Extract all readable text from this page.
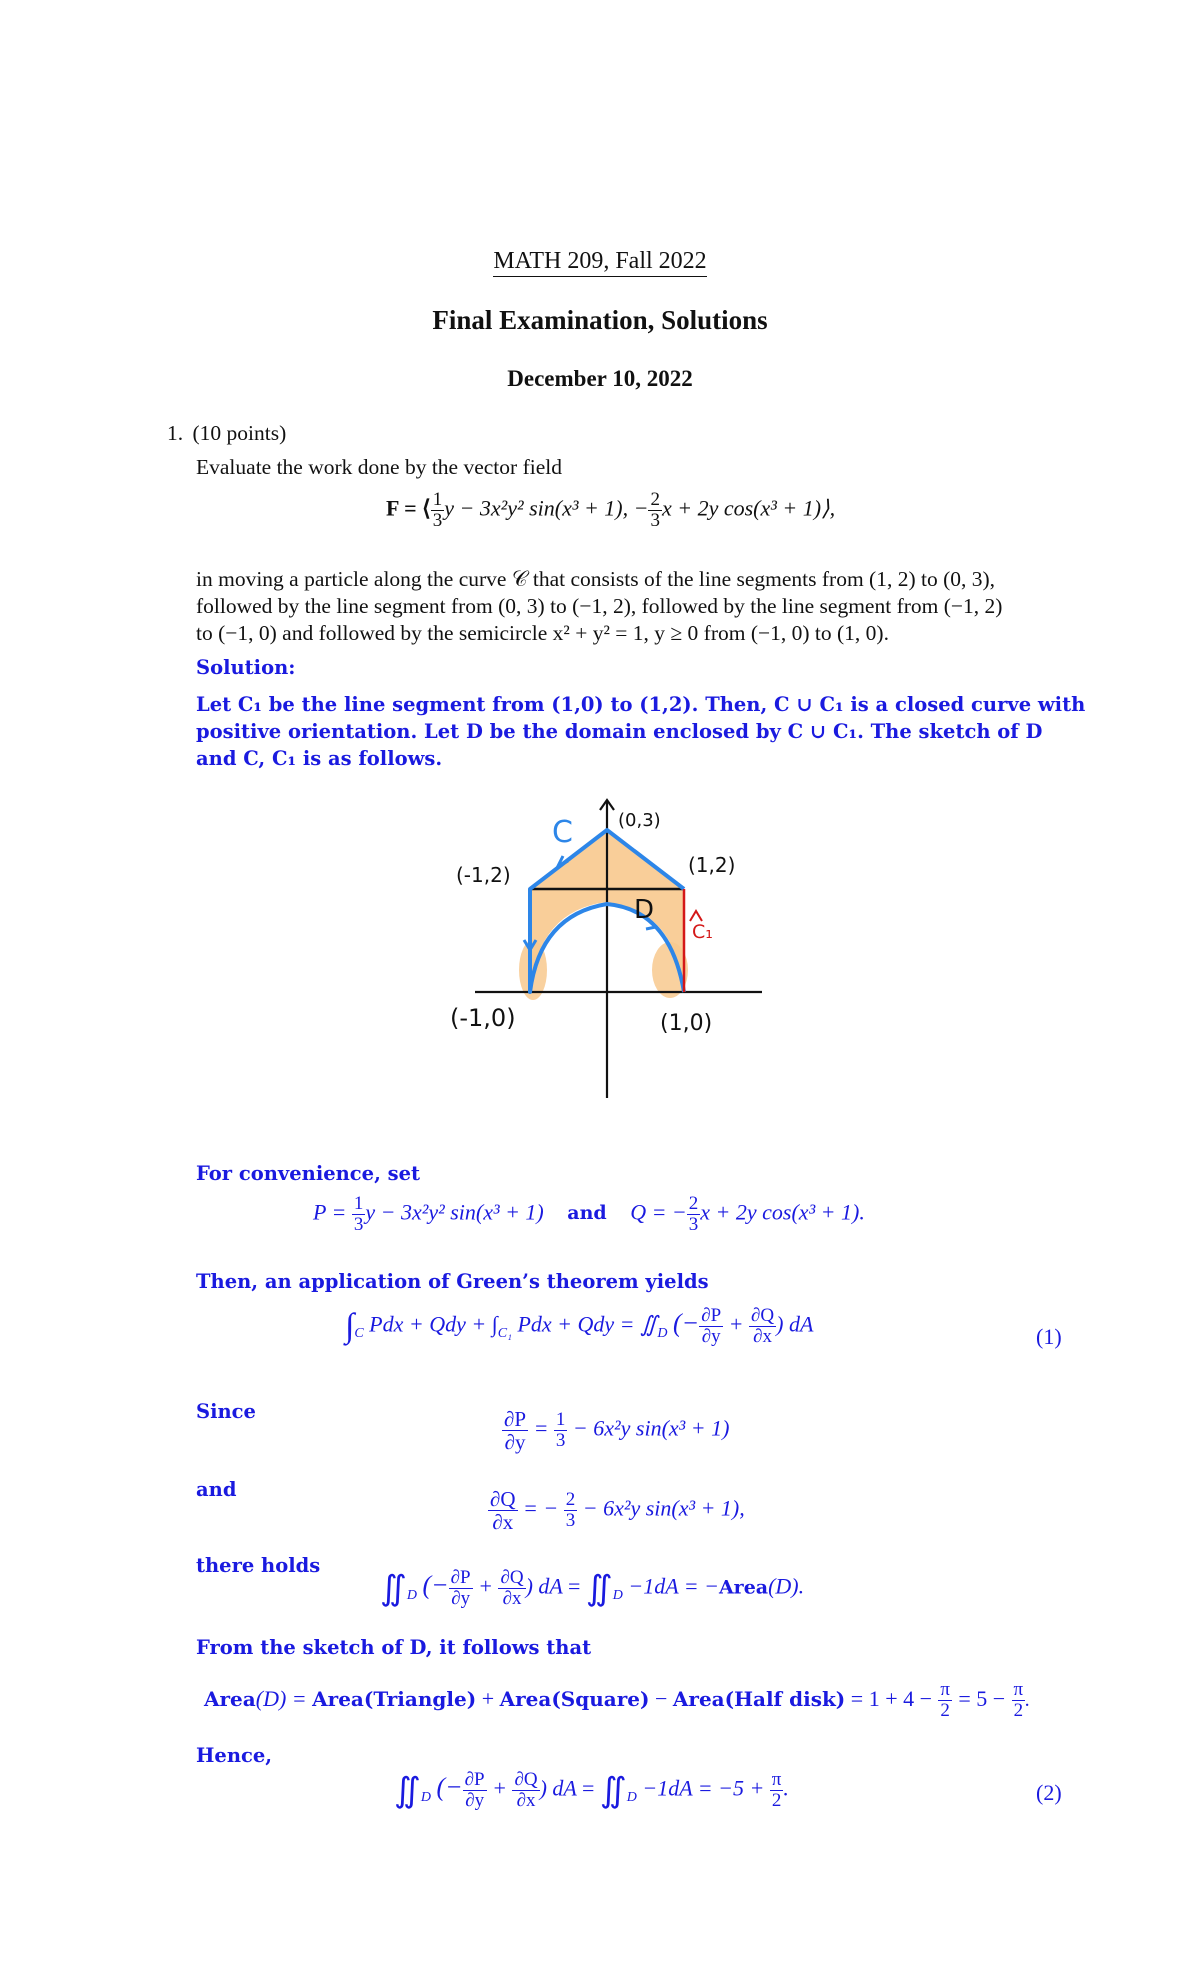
MATH 209, Fall 2022
Final Examination, Solutions
December 10, 2022
1. (10 points)
Evaluate the work done by the vector field
F = ⟨ $\frac{1}{3}$ y − 3x²y² sin(x³ + 1), − $\frac{2}{3}$ x + 2y cos(x³ + 1)⟩,
in moving a particle along the curve 𝒞 that consists of the line segments from (1, 2) to (0, 3),
followed by the line segment from (0, 3) to (−1, 2), followed by the line segment from (−1, 2)
to (−1, 0) and followed by the semicircle x² + y² = 1, y ≥ 0 from (−1, 0) to (1, 0).
Solution:
Let C₁ be the line segment from (1,0) to (1,2). Then, C ∪ C₁ is a closed curve with
positive orientation. Let D be the domain enclosed by C ∪ C₁. The sketch of D
and C, C₁ is as follows.
C	(0,3)
(-1,2)	(1,2)
D
C₁
(-1,0)	(1,0)
For convenience, set
$P = \frac{1}{3}$ y − 3x²y² sin(x³ + 1) and Q = − $\frac{2}{3}$ x + 2y cos(x³ + 1).
Then, an application of Green’s theorem yields
$\int_C$ Pdx + Qdy + $\int_{C_1}$ Pdx + Qdy = $∬_D$ (− $\frac{\partial P}{\partial y} + \frac{\partial Q}{\partial x}$ ) dA
(1)
Since	$\frac{\partial P}{\partial y} = \frac{1}{3} - 6x^2y$ sin(x³ + 1)
and	$\frac{\partial Q}{\partial x}$ = − $\frac{2}{3} - 6x^2y$ sin(x³ + 1),
there holds
$∬_D$ (− $\frac{\partial P}{\partial y} + \frac{\partial Q}{\partial x}$ ) dA = $∬_D -1dA$ = −Area(D).
From the sketch of D, it follows that
Area(D) = Area(Triangle) + Area(Square) − Area(Half disk) = $1 + 4 - \frac{\pi}{2} = 5 - \frac{\pi}{2}$ .
Hence,
$∬_D$ (− $\frac{\partial P}{\partial y} + \frac{\partial Q}{\partial x}$ ) dA = $∬_D -1dA = -5 + \frac{\pi}{2}$ .	(2)
